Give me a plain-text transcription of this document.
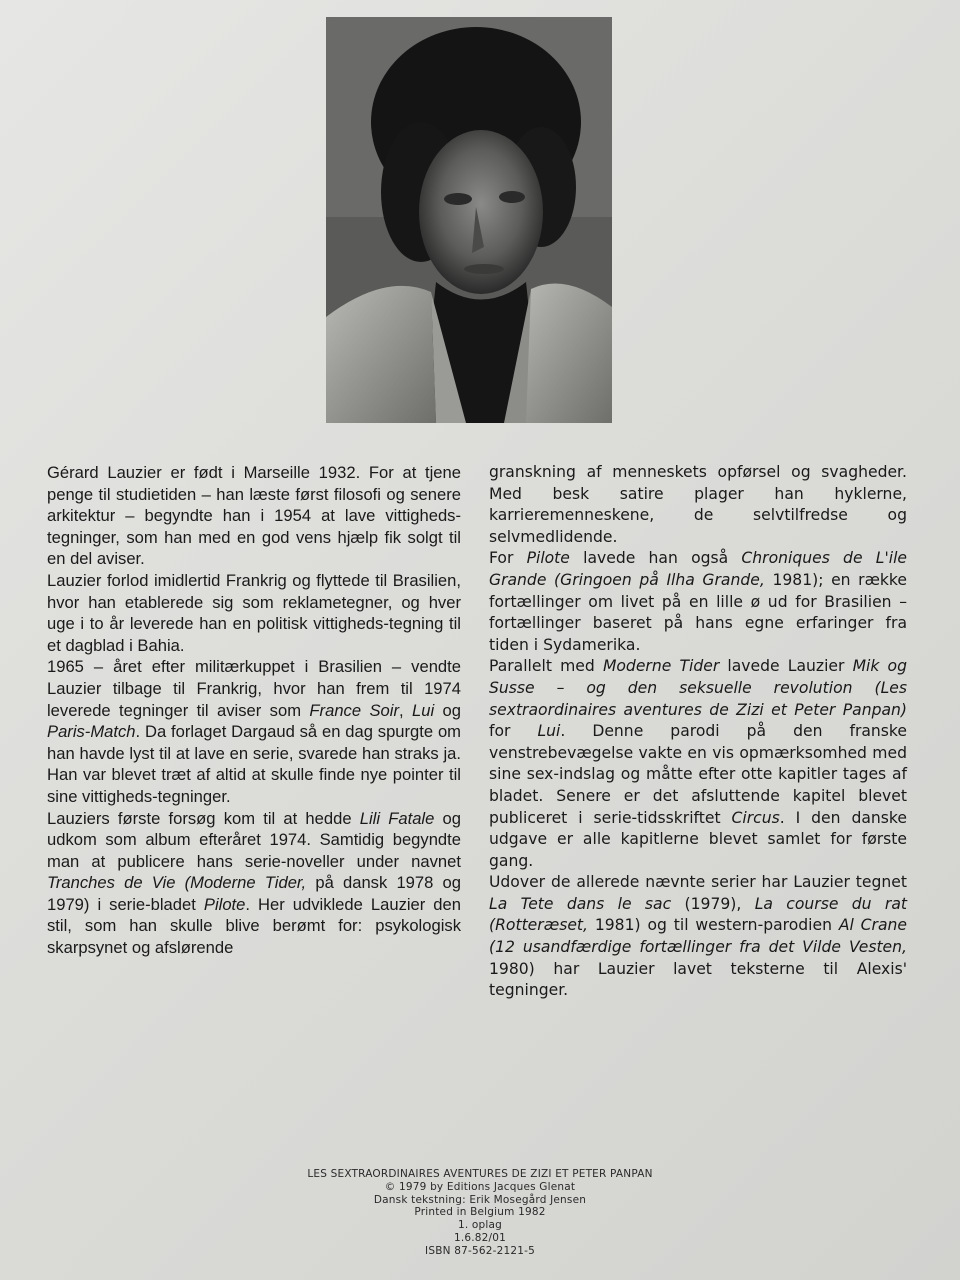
Gérard Lauzier er født i Marseille 1932. For at tjene penge til studietiden – han læste først filosofi og senere arkitektur – begyndte han i 1954 at lave vittigheds-tegninger, som han med en god vens hjælp fik solgt til en del aviser.

Lauzier forlod imidlertid Frankrig og flyttede til Brasilien, hvor han etablerede sig som reklametegner, og hver uge i to år leverede han en politisk vittigheds-tegning til et dagblad i Bahia.

1965 – året efter militærkuppet i Brasilien – vendte Lauzier tilbage til Frankrig, hvor han frem til 1974 leverede tegninger til aviser som France Soir, Lui og Paris-Match. Da forlaget Dargaud så en dag spurgte om han havde lyst til at lave en serie, svarede han straks ja. Han var blevet træt af altid at skulle finde nye pointer til sine vittigheds-tegninger.

Lauziers første forsøg kom til at hedde Lili Fatale og udkom som album efteråret 1974. Samtidig begyndte man at publicere hans serie-noveller under navnet Tranches de Vie (Moderne Tider, på dansk 1978 og 1979) i serie-bladet Pilote. Her udviklede Lauzier den stil, som han skulle blive berømt for: psykologisk skarpsynet og afslørende

granskning af menneskets opførsel og svagheder. Med besk satire plager han hyklerne, karrieremenneskene, de selvtilfredse og selvmedlidende.

For Pilote lavede han også Chroniques de L'ile Grande (Gringoen på Ilha Grande, 1981); en række fortællinger om livet på en lille ø ud for Brasilien – fortællinger baseret på hans egne erfaringer fra tiden i Sydamerika.

Parallelt med Moderne Tider lavede Lauzier Mik og Susse – og den seksuelle revolution (Les sextraordinaires aventures de Zizi et Peter Panpan) for Lui. Denne parodi på den franske venstrebevægelse vakte en vis opmærksomhed med sine sex-indslag og måtte efter otte kapitler tages af bladet. Senere er det afsluttende kapitel blevet publiceret i serie-tidsskriftet Circus. I den danske udgave er alle kapitlerne blevet samlet for første gang.

Udover de allerede nævnte serier har Lauzier tegnet La Tete dans le sac (1979), La course du rat (Rotteræset, 1981) og til western-parodien Al Crane (12 usandfærdige fortællinger fra det Vilde Vesten, 1980) har Lauzier lavet teksterne til Alexis' tegninger.

LES SEXTRAORDINAIRES AVENTURES DE ZIZI ET PETER PANPAN
© 1979 by Editions Jacques Glenat
Dansk tekstning: Erik Mosegård Jensen
Printed in Belgium 1982
1. oplag
1.6.82/01
ISBN 87-562-2121-5
